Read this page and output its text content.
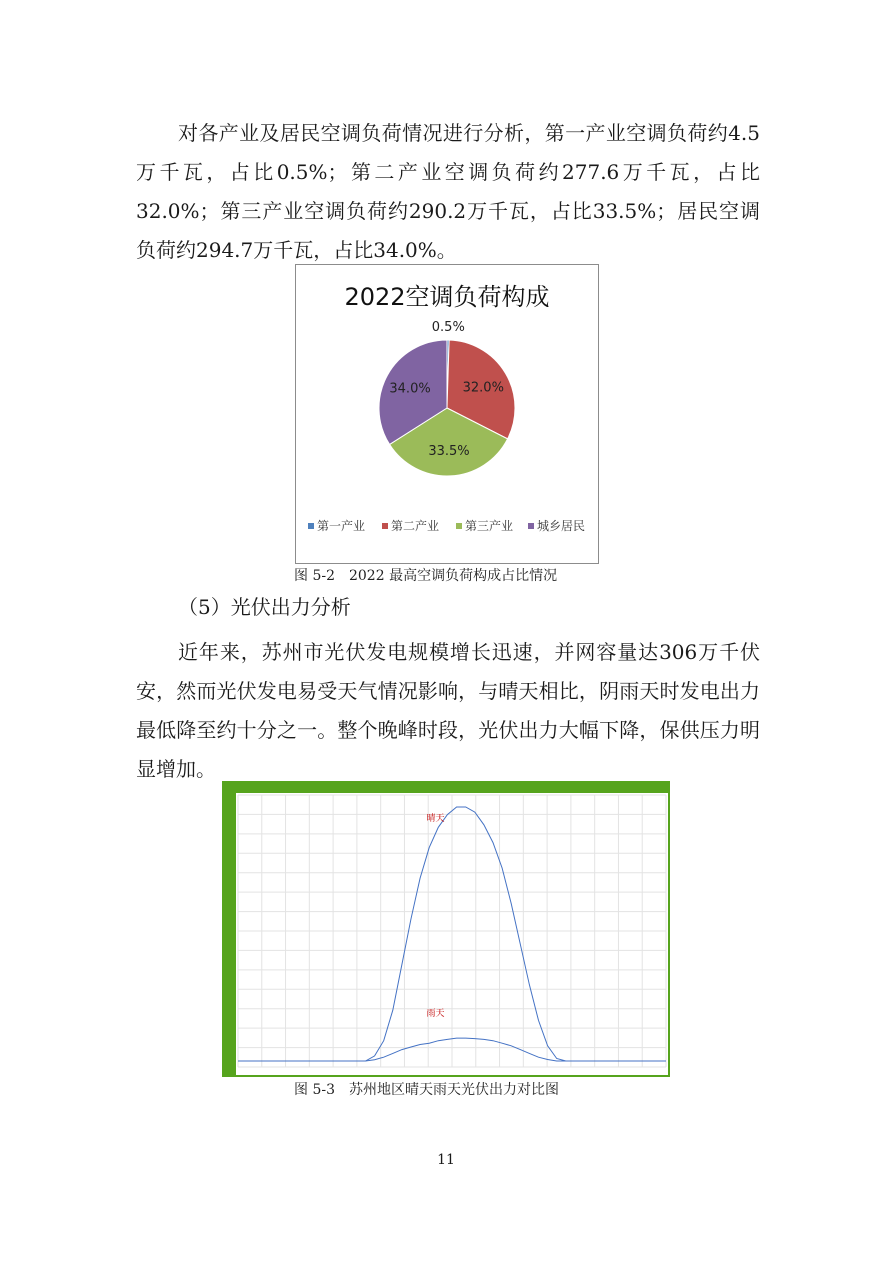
对各产业及居民空调负荷情况进行分析，第一产业空调负荷约4.5万千瓦，占比0.5%；第二产业空调负荷约277.6万千瓦，占比32.0%；第三产业空调负荷约290.2万千瓦，占比33.5%；居民空调负荷约294.7万千瓦，占比34.0%。

2022空调负荷构成
0.5%
32.0%
33.5%
34.0%
第一产业 第二产业 第三产业 城乡居民

图 5-2　2022 最高空调负荷构成占比情况

（5）光伏出力分析

近年来，苏州市光伏发电规模增长迅速，并网容量达306万千伏安，然而光伏发电易受天气情况影响，与晴天相比，阴雨天时发电出力最低降至约十分之一。整个晚峰时段，光伏出力大幅下降，保供压力明显增加。

晴天
雨天

图 5-3　苏州地区晴天雨天光伏出力对比图

11
